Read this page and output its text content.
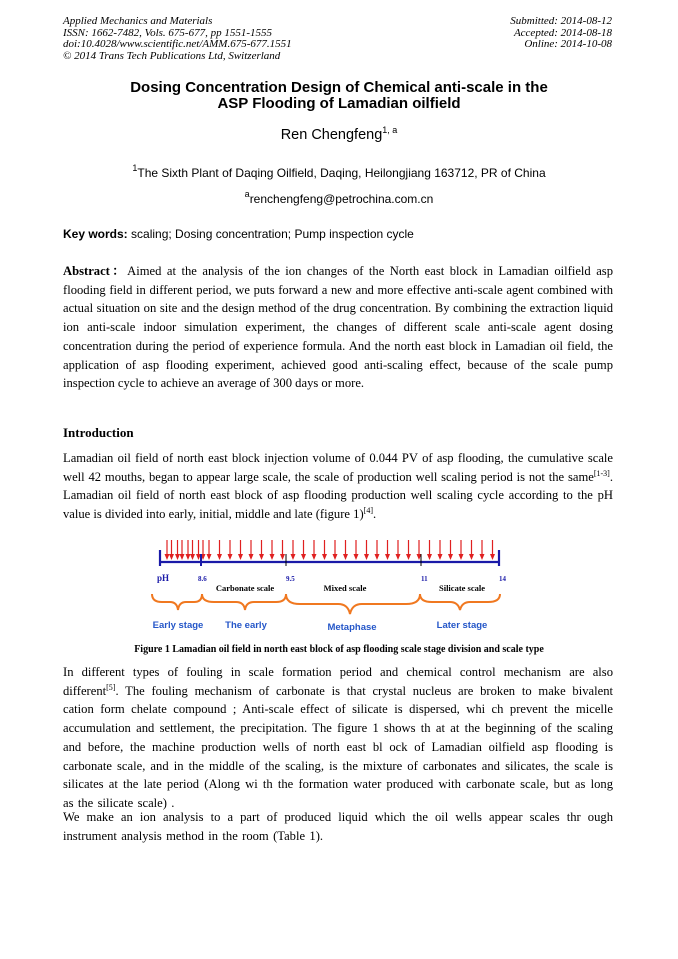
Applied Mechanics and Materials
ISSN: 1662-7482, Vols. 675-677, pp 1551-1555
doi:10.4028/www.scientific.net/AMM.675-677.1551
© 2014 Trans Tech Publications Ltd, Switzerland
Submitted: 2014-08-12
Accepted: 2014-08-18
Online: 2014-10-08
Dosing Concentration Design of Chemical anti-scale in the
ASP Flooding of Lamadian oilfield
Ren Chengfeng$^{1, a}$
$^1$The Sixth Plant of Daqing Oilfield, Daqing, Heilongjiang 163712, PR of China
$^a$renchengfeng@petrochina.com.cn
Key words: scaling; Dosing concentration; Pump inspection cycle
Abstract：Aimed at the analysis of the ion changes of the North east block in Lamadian oilfield asp flooding field in different period, we puts forward a new and more effective anti-scale agent combined with actual situation on site and the design method of the drug concentration. By combining the extraction liquid ion anti-scale indoor simulation experiment, the changes of different scale anti-scale agent dosing concentration during the period of experience formula. And the north east block in Lamadian oil field, the application of asp flooding experiment, achieved good anti-scaling effect, because of the scale pump inspection cycle to achieve an average of 300 days or more.
Introduction
Lamadian oil field of north east block injection volume of 0.044 PV of asp flooding, the cumulative scale well 42 mouths, began to appear large scale, the scale of production well scaling period is not the same[1-3]. Lamadian oil field of north east block of asp flooding production well scaling cycle according to the pH value is divided into early, initial, middle and late (figure 1)[4].
pH	8.6	9.5	11	14
Carbonate scale	Mixed scale	Silicate scale
Early stage The early	Metaphase	Later stage
Figure 1 Lamadian oil field in north east block of asp flooding scale stage division and scale type
In different types of fouling in scale formation period and chemical control mechanism are also different[5]. The fouling mechanism of carbonate is that crystal nucleus are broken to make bivalent cation form chelate compound ; Anti-scale effect of silicate is dispersed, whi ch prevent the micelle accumulation and settlement, the precipitation. The figure 1 shows th at at the beginning of the scaling and before, the machine production wells of north east bl ock of Lamadian oilfield asp flooding is carbonate scale, and in the middle of the scaling, is the mixture of carbonates and silicates, the scale is silicates at the late period (Along wi th the formation water produced with carbonate scale, but as long as the silicate scale) .
We make an ion analysis to a part of produced liquid which the oil wells appear scales thr ough instrument analysis method in the room (Table 1).
